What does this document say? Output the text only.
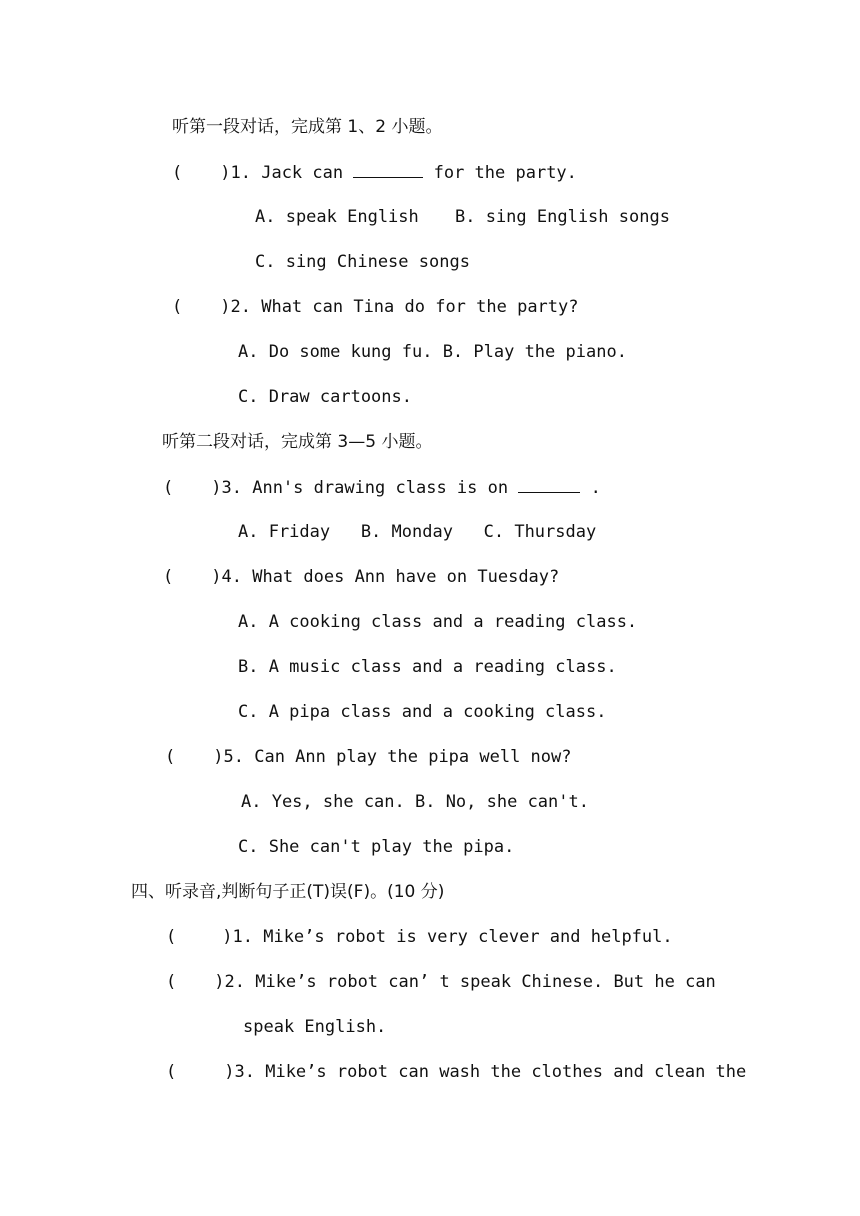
听第一段对话，完成第 1、2 小题。
( )1. Jack can	for the party.
A. speak English B. sing English songs
C. sing Chinese songs
( )2. What can Tina do for the party?
A. Do some kung fu. B. Play the piano.
C. Draw cartoons.
听第二段对话，完成第 3—5 小题。
( )3. Ann's drawing class is on	.
A. Friday   B. Monday   C. Thursday
( )4. What does Ann have on Tuesday?
A. A cooking class and a reading class.
B. A music class and a reading class.
C. A pipa class and a cooking class.
( )5. Can Ann play the pipa well now?
A. Yes, she can. B. No, she can't.
C. She can't play the pipa.
四、听录音,判断句子正(T)误(F)。(10 分)
(	)1. Mike’s robot is very clever and helpful.
( )2. Mike’s robot can’ t speak Chinese. But he can
speak English.
(	)3. Mike’s robot can wash the clothes and clean the
